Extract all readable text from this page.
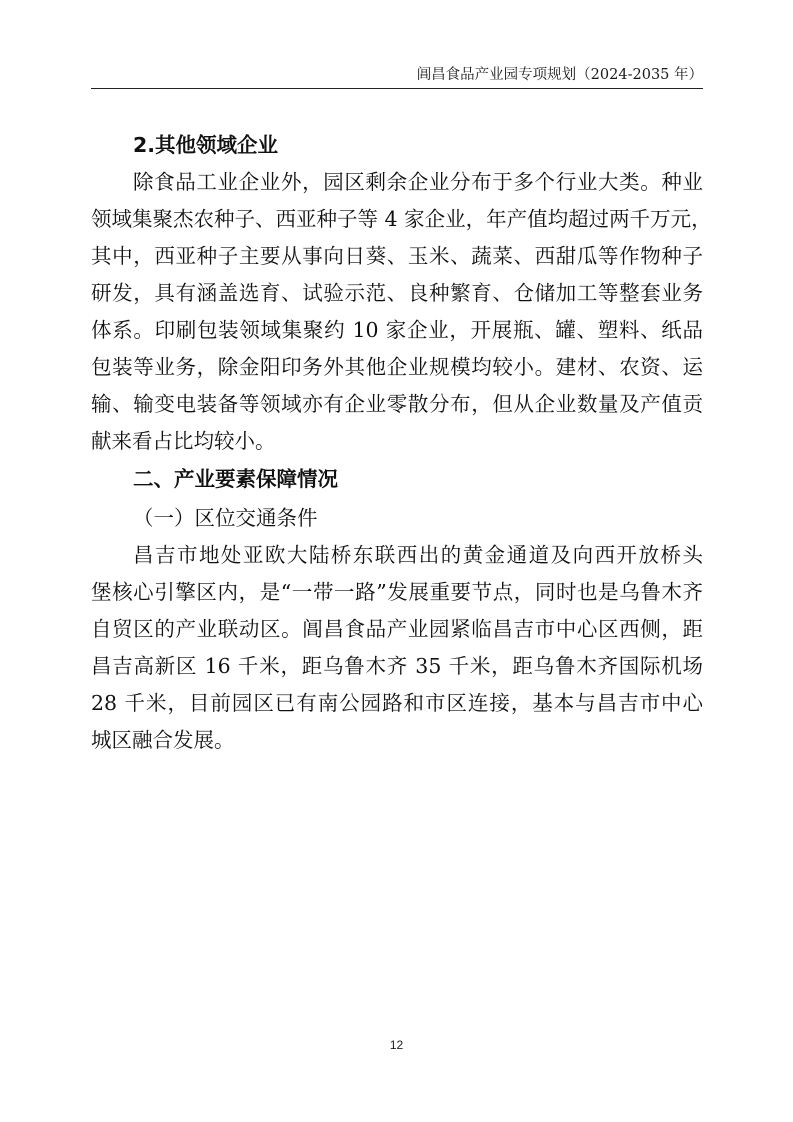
阊昌食品产业园专项规划（2024-2035 年）
2.其他领域企业
除食品工业企业外，园区剩余企业分布于多个行业大类。种业
领域集聚杰农种子、西亚种子等 4 家企业，年产值均超过两千万元，
其中，西亚种子主要从事向日葵、玉米、蔬菜、西甜瓜等作物种子
研发，具有涵盖选育、试验示范、良种繁育、仓储加工等整套业务
体系。印刷包装领域集聚约 10 家企业，开展瓶、罐、塑料、纸品
包装等业务，除金阳印务外其他企业规模均较小。建材、农资、运
输、输变电装备等领域亦有企业零散分布，但从企业数量及产值贡
献来看占比均较小。
二、产业要素保障情况
（一）区位交通条件
昌吉市地处亚欧大陆桥东联西出的黄金通道及向西开放桥头
堡核心引擎区内，是“一带一路”发展重要节点，同时也是乌鲁木齐
自贸区的产业联动区。阊昌食品产业园紧临昌吉市中心区西侧，距
昌吉高新区 16 千米，距乌鲁木齐 35 千米，距乌鲁木齐国际机场
28 千米，目前园区已有南公园路和市区连接，基本与昌吉市中心
城区融合发展。
12
